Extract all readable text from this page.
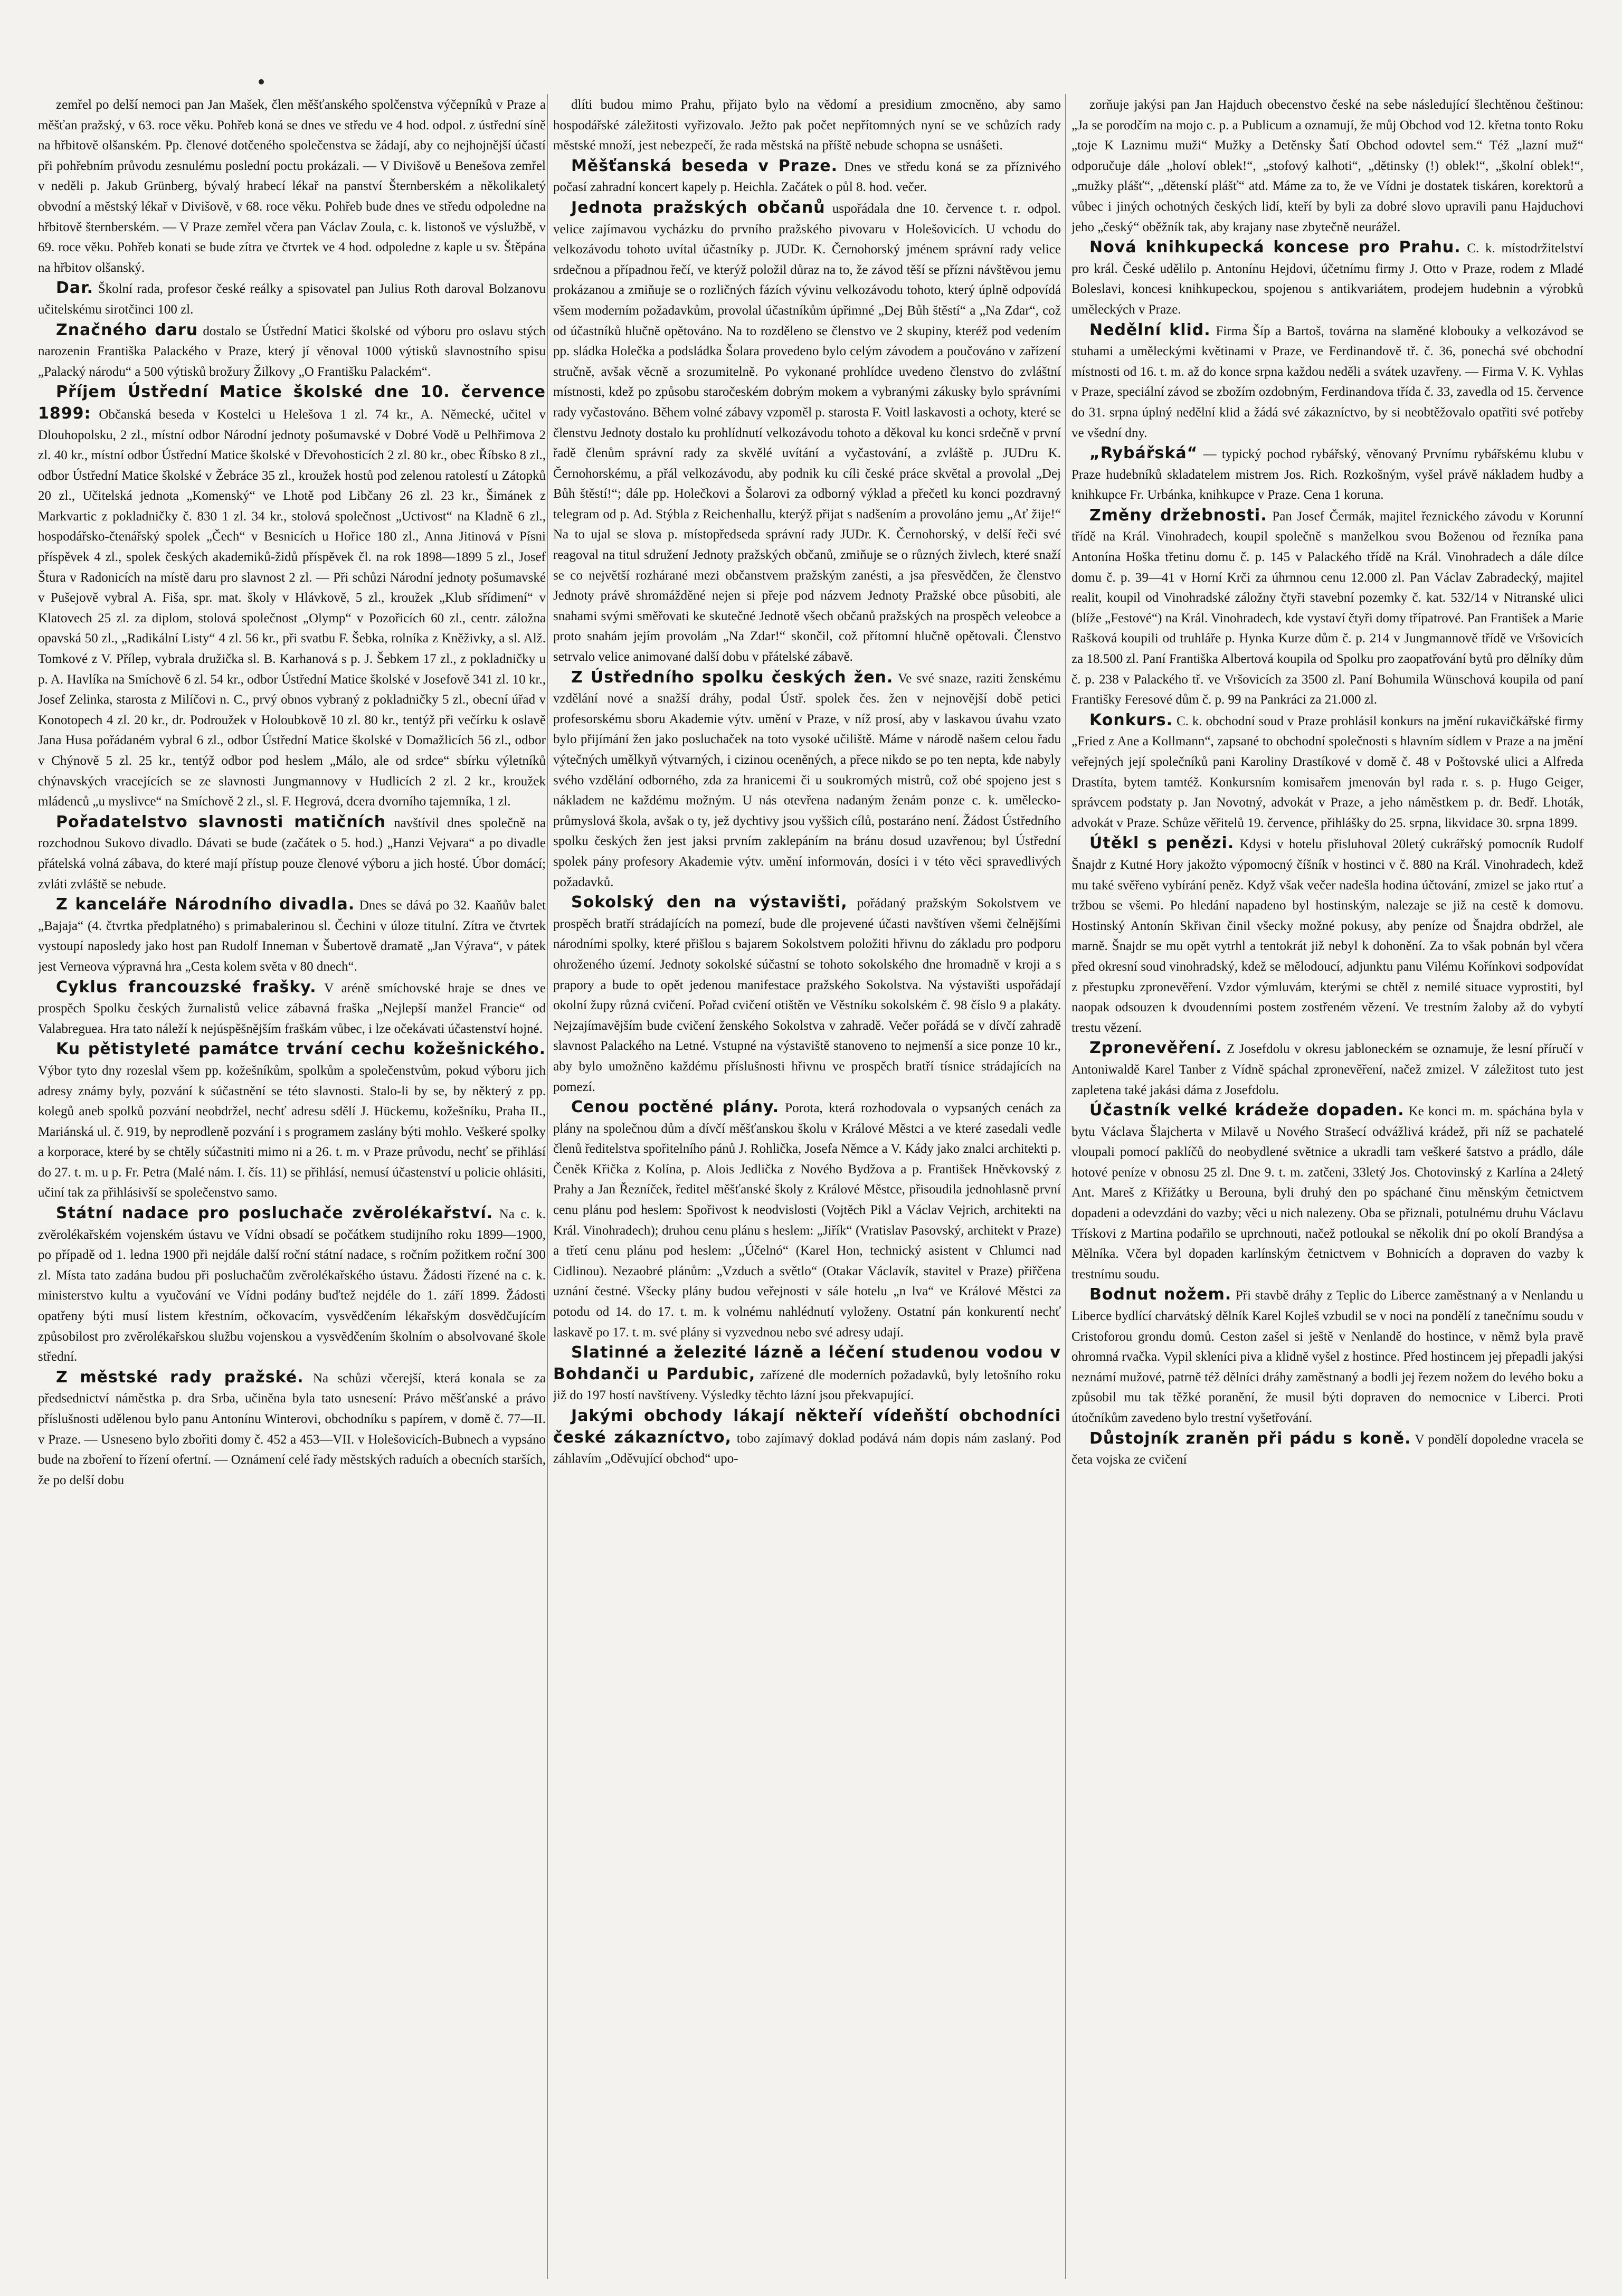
zemřel po delší nemoci pan Jan Mašek, člen měšťanského spolčenstva výčepníků v Praze a měšťan pražský, v 63. roce věku. Pohřeb koná se dnes ve středu ve 4 hod. odpol. z ústřední síně na hřbitově olšanském. Pp. členové dotčeného společenstva se žádají, aby co nejhojnější účastí při pohřebním průvodu zesnulému poslední poctu prokázali. — V Divišově u Benešova zemřel v neděli p. Jakub Grünberg, bývalý hrabecí lékař na panství Šternberském a několikaletý obvodní a městský lékař v Divišově, v 68. roce věku. Pohřeb bude dnes ve středu odpoledne na hřbitově šternberském. — V Praze zemřel včera pan Václav Zoula, c. k. listonoš ve výslužbě, v 69. roce věku. Pohřeb konati se bude zítra ve čtvrtek ve 4 hod. odpoledne z kaple u sv. Štěpána na hřbitov olšanský.

Dar. Školní rada, profesor české reálky a spisovatel pan Julius Roth daroval Bolzanovu učitelskému sirotčinci 100 zl.

Značného daru dostalo se Ústřední Matici školské od výboru pro oslavu stých narozenin Františka Palackého v Praze, který jí věnoval 1000 výtisků slavnostního spisu „Palacký národu“ a 500 výtisků brožury Žilkovy „O Františku Palackém“.

Příjem Ústřední Matice školské dne 10. července 1899: Občanská beseda v Kostelci u Helešova 1 zl. 74 kr., A. Německé, učitel v Dlouhopolsku, 2 zl., místní odbor Národní jednoty pošumavské v Dobré Vodě u Pelhřimova 2 zl. 40 kr., místní odbor Ústřední Matice školské v Dřevohosticích 2 zl. 80 kr., obec Říbsko 8 zl., odbor Ústřední Matice školské v Žebráce 35 zl., kroužek hostů pod zelenou ratolestí u Zátopků 20 zl., Učitelská jednota „Komenský“ ve Lhotě pod Libčany 26 zl. 23 kr., Šimánek z Markvartic z pokladničky č. 830 1 zl. 34 kr., stolová společnost „Uctivost“ na Kladně 6 zl., hospodářsko-čtenářský spolek „Čech“ v Besnicích u Hořice 180 zl., Anna Jitinová v Písni příspěvek 4 zl., spolek českých akademiků-židů příspěvek čl. na rok 1898—1899 5 zl., Josef Štura v Radonicích na místě daru pro slavnost 2 zl. — Při schůzi Národní jednoty pošumavské v Pušejově vybral A. Fiša, spr. mat. školy v Hlávkově, 5 zl., kroužek „Klub sřídimení“ v Klatovech 25 zl. za diplom, stolová společnost „Olymp“ v Pozořicích 60 zl., centr. záložna opavská 50 zl., „Radikální Listy“ 4 zl. 56 kr., při svatbu F. Šebka, rolníka z Kněživky, a sl. Alž. Tomkové z V. Přílep, vybrala družička sl. B. Karhanová s p. J. Šebkem 17 zl., z pokladničky u p. A. Havlíka na Smíchově 6 zl. 54 kr., odbor Ústřední Matice školské v Josefově 341 zl. 10 kr., Josef Zelinka, starosta z Milíčovi n. C., prvý obnos vybraný z pokladničky 5 zl., obecní úřad v Konotopech 4 zl. 20 kr., dr. Podroužek v Holoubkově 10 zl. 80 kr., tentýž při večírku k oslavě Jana Husa pořádaném vybral 6 zl., odbor Ústřední Matice školské v Domažlicích 56 zl., odbor v Chýnově 5 zl. 25 kr., tentýž odbor pod heslem „Málo, ale od srdce“ sbírku výletníků chýnavských vracejících se ze slavnosti Jungmannovy v Hudlicích 2 zl. 2 kr., kroužek mládenců „u myslivce“ na Smíchově 2 zl., sl. F. Hegrová, dcera dvorního tajemníka, 1 zl.

Pořadatelstvo slavnosti matičních navštívil dnes společně na rozchodnou Sukovo divadlo. Dávati se bude (začátek o 5. hod.) „Hanzi Vejvara“ a po divadle přátelská volná zábava, do které mají přístup pouze členové výboru a jich hosté. Úbor domácí; zvláti zvláště se nebude.

Z kanceláře Národního divadla. Dnes se dává po 32. Kaaňův balet „Bajaja“ (4. čtvrtka předplatného) s primabalerinou sl. Čechini v úloze titulní. Zítra ve čtvrtek vystoupí naposledy jako host pan Rudolf Inneman v Šubertově dramatě „Jan Výrava“, v pátek jest Verneova výpravná hra „Cesta kolem světa v 80 dnech“.

Cyklus francouzské frašky. V aréně smíchovské hraje se dnes ve prospěch Spolku českých žurnalistů velice zábavná fraška „Nejlepší manžel Francie“ od Valabreguea. Hra tato náleží k nejúspěšnějším fraškám vůbec, i lze očekávati účastenství hojné.

Ku pětistyleté památce trvání cechu kožešnického. Výbor tyto dny rozeslal všem pp. kožešníkům, spolkům a společenstvům, pokud výboru jich adresy známy byly, pozvání k súčastnění se této slavnosti. Stalo-li by se, by některý z pp. kolegů aneb spolků pozvání neobdržel, nechť adresu sdělí J. Hückemu, kožešníku, Praha II., Mariánská ul. č. 919, by neprodleně pozvání i s programem zaslány býti mohlo. Veškeré spolky a korporace, které by se chtěly súčastniti mimo ni a 26. t. m. v Praze průvodu, nechť se přihlásí do 27. t. m. u p. Fr. Petra (Malé nám. I. čís. 11) se přihlásí, nemusí účastenství u policie ohlásiti, učiní tak za přihlásivší se společenstvo samo.

Státní nadace pro posluchače zvěrolékařství. Na c. k. zvěrolékařském vojenském ústavu ve Vídni obsadí se počátkem studijního roku 1899—1900, po případě od 1. ledna 1900 při nejdále další roční státní nadace, s ročním požitkem roční 300 zl. Místa tato zadána budou při posluchačům zvěrolékařského ústavu. Žádosti řízené na c. k. ministerstvo kultu a vyučování ve Vídni podány buďtež nejdéle do 1. září 1899. Žádosti opatřeny býti musí listem křestním, očkovacím, vysvědčením lékařským dosvědčujícím způsobilost pro zvěrolékařskou službu vojenskou a vysvědčením školním o absolvované škole střední.

Z městské rady pražské. Na schůzi včerejší, která konala se za předsednictví náměstka p. dra Srba, učiněna byla tato usnesení: Právo měšťanské a právo příslušnosti udělenou bylo panu Antonínu Winterovi, obchodníku s papírem, v domě č. 77—II. v Praze. — Usneseno bylo zbořiti domy č. 452 a 453—VII. v Holešovicích-Bubnech a vypsáno bude na zboření to řízení ofertní. — Oznámení celé řady městských raduích a obecních starších, že po delší dobu

dlíti budou mimo Prahu, přijato bylo na vědomí a presidium zmocněno, aby samo hospodářské záležitosti vyřizovalo. Ježto pak počet nepřítomných nyní se ve schůzích rady městské množí, jest nebezpečí, že rada městská na příště nebude schopna se usnášeti.

Měšťanská beseda v Praze. Dnes ve středu koná se za příznivého počasí zahradní koncert kapely p. Heichla. Začátek o půl 8. hod. večer.

Jednota pražských občanů uspořádala dne 10. července t. r. odpol. velice zajímavou vycházku do prvního pražského pivovaru v Holešovicích. U vchodu do velkozávodu tohoto uvítal účastníky p. JUDr. K. Černohorský jménem správní rady velice srdečnou a případnou řečí, ve kterýž položil důraz na to, že závod těší se přízni návštěvou jemu prokázanou a zmiňuje se o rozličných fázích vývinu velkozávodu tohoto, který úplně odpovídá všem moderním požadavkům, provolal účastníkům úpřimné „Dej Bůh štěstí“ a „Na Zdar“, což od účastníků hlučně opětováno. Na to rozděleno se členstvo ve 2 skupiny, kteréž pod vedením pp. sládka Holečka a podsládka Šolara provedeno bylo celým závodem a poučováno v zařízení stručně, avšak věcně a srozumitelně. Po vykonané prohlídce uvedeno členstvo do zvláštní místnosti, kdež po způsobu staročeském dobrým mokem a vybranými zákusky bylo správními rady vyčastováno. Během volné zábavy vzpoměl p. starosta F. Voitl laskavosti a ochoty, které se členstvu Jednoty dostalo ku prohlídnutí velkozávodu tohoto a děkoval ku konci srdečně v první řadě členům správní rady za skvělé uvítání a vyčastování, a zvláště p. JUDru K. Černohorskému, a přál velkozávodu, aby podnik ku cíli české práce skvětal a provolal „Dej Bůh štěstí!“; dále pp. Holečkovi a Šolarovi za odborný výklad a přečetl ku konci pozdravný telegram od p. Ad. Stýbla z Reichenhallu, kterýž přijat s nadšením a provoláno jemu „Ať žije!“ Na to ujal se slova p. místopředseda správní rady JUDr. K. Černohorský, v delší řeči své reagoval na titul sdružení Jednoty pražských občanů, zmiňuje se o různých živlech, které snaží se co největší rozhárané mezi občanstvem pražským zanésti, a jsa přesvědčen, že členstvo Jednoty právě shromážděné nejen si přeje pod názvem Jednoty Pražské obce působiti, ale snahami svými směřovati ke skutečné Jednotě všech občanů pražských na prospěch veleobce a proto snahám jejím provolám „Na Zdar!“ skončil, což přítomní hlučně opětovali. Členstvo setrvalo velice animované další dobu v přátelské zábavě.

Z Ústředního spolku českých žen. Ve své snaze, raziti ženskému vzdělání nové a snažší dráhy, podal Ústř. spolek čes. žen v nejnovější době petici profesorskému sboru Akademie výtv. umění v Praze, v níž prosí, aby v laskavou úvahu vzato bylo přijímání žen jako posluchaček na toto vysoké učiliště. Máme v národě našem celou řadu výtečných umělkyň výtvarných, i cizinou oceněných, a přece nikdo se po ten nepta, kde nabyly svého vzdělání odborného, zda za hranicemi či u soukromých mistrů, což obé spojeno jest s nákladem ne každému možným. U nás otevřena nadaným ženám ponze c. k. umělecko-průmyslová škola, avšak o ty, jež dychtivy jsou vyššich cílů, postaráno není. Žádost Ústředního spolku českých žen jest jaksi prvním zaklepáním na bránu dosud uzavřenou; byl Ústřední spolek pány profesory Akademie výtv. umění informován, dosíci i v této věci spravedlivých požadavků.

Sokolský den na výstavišti, pořádaný pražským Sokolstvem ve prospěch bratří strádajících na pomezí, bude dle projevené účasti navštíven všemi čelnějšími národními spolky, které přišlou s bajarem Sokolstvem položiti hřivnu do základu pro podporu ohroženého území. Jednoty sokolské súčastní se tohoto sokolského dne hromadně v kroji a s prapory a bude to opět jedenou manifestace pražského Sokolstva. Na výstavišti uspořádají okolní župy různá cvičení. Pořad cvičení otištěn ve Věstníku sokolském č. 98 číslo 9 a plakáty. Nejzajímavějším bude cvičení ženského Sokolstva v zahradě. Večer pořádá se v dívčí zahradě slavnost Palackého na Letné. Vstupné na výstaviště stanoveno to nejmenší a sice ponze 10 kr., aby bylo umožněno každému příslušnosti hřivnu ve prospěch bratří tísnice strádajících na pomezí.

Cenou poctěné plány. Porota, která rozhodovala o vypsaných cenách za plány na společnou dům a dívčí měšťanskou školu v Králové Městci a ve které zasedali vedle členů ředitelstva spořitelního pánů J. Rohlička, Josefa Němce a V. Kády jako znalci architekti p. Čeněk Křička z Kolína, p. Alois Jedlička z Nového Bydžova a p. František Hněvkovský z Prahy a Jan Řezníček, ředitel měšťanské školy z Králové Městce, přisoudila jednohlasně první cenu plánu pod heslem: Spořivost k neodvislosti (Vojtěch Pikl a Václav Vejrich, architekti na Král. Vinohradech); druhou cenu plánu s heslem: „Jiřík“ (Vratislav Pasovský, architekt v Praze) a třetí cenu plánu pod heslem: „Účelnó“ (Karel Hon, technický asistent v Chlumci nad Cidlinou). Nezaobré plánům: „Vzduch a světlo“ (Otakar Václavík, stavitel v Praze) přiřčena uznání čestné. Všecky plány budou veřejnosti v sále hotelu „n lva“ ve Králové Městci za potodu od 14. do 17. t. m. k volnému nahlédnutí vyloženy. Ostatní pán konkurentí nechť laskavě po 17. t. m. své plány si vyzvednou nebo své adresy udají.

Slatinné a železité lázně a léčení studenou vodou v Bohdanči u Pardubic, zařízené dle moderních požadavků, byly letošního roku již do 197 hostí navštíveny. Výsledky těchto lázní jsou překvapující.

Jakými obchody lákají někteří vídeňští obchodníci české zákazníctvo, tobo zajímavý doklad podává nám dopis nám zaslaný. Pod záhlavím „Oděvující obchod“ upo-

zorňuje jakýsi pan Jan Hajduch obecenstvo české na sebe následující šlechtěnou češtinou: „Ja se porodčím na mojo c. p. a Publicum a oznamují, že můj Obchod vod 12. křetna tonto Roku „toje K Laznimu muži“ Mužky a Detěnsky Šatí Obchod odovtel sem.“ Též „lazní muž“ odporučuje dále „holoví oblek!“, „stofový kalhoti“, „dětinsky (!) oblek!“, „školní oblek!“, „mužky plášť“, „dětenskí plášť“ atd. Máme za to, že ve Vídni je dostatek tiskáren, korektorů a vůbec i jiných ochotných českých lidí, kteří by byli za dobré slovo upravili panu Hajduchovi jeho „český“ oběžník tak, aby krajany nase zbytečně neurážel.

Nová knihkupecká koncese pro Prahu. C. k. místodržitelství pro král. České udělilo p. Antonínu Hejdovi, účetnímu firmy J. Otto v Praze, rodem z Mladé Boleslavi, koncesi knihkupeckou, spojenou s antikvariátem, prodejem hudebnin a výrobků uměleckých v Praze.

Nedělní klid. Firma Šíp a Bartoš, továrna na slaměné klobouky a velkozávod se stuhami a uměleckými květinami v Praze, ve Ferdinandově tř. č. 36, ponechá své obchodní místnosti od 16. t. m. až do konce srpna každou neděli a svátek uzavřeny. — Firma V. K. Vyhlas v Praze, speciální závod se zbožím ozdobným, Ferdinandova třída č. 33, zavedla od 15. července do 31. srpna úplný nedělní klid a žádá své zákazníctvo, by si neobtěžovalo opatřiti své potřeby ve všední dny.

„Rybářská“ — typický pochod rybářský, věnovaný Prvnímu rybářskému klubu v Praze hudebníků skladatelem mistrem Jos. Rich. Rozkošným, vyšel právě nákladem hudby a knihkupce Fr. Urbánka, knihkupce v Praze. Cena 1 koruna.

Změny držebnosti. Pan Josef Čermák, majitel řeznického závodu v Korunní třídě na Král. Vinohradech, koupil společně s manželkou svou Boženou od řezníka pana Antonína Hoška třetinu domu č. p. 145 v Palackého třídě na Král. Vinohradech a dále dílce domu č. p. 39—41 v Horní Krči za úhrnnou cenu 12.000 zl. Pan Václav Zabradecký, majitel realit, koupil od Vinohradské záložny čtyři stavební pozemky č. kat. 532/14 v Nitranské ulici (blíže „Festové“) na Král. Vinohradech, kde vystaví čtyři domy třípatrové. Pan František a Marie Rašková koupili od truhláře p. Hynka Kurze dům č. p. 214 v Jungmannově třídě ve Vršovicích za 18.500 zl. Paní Františka Albertová koupila od Spolku pro zaopatřování bytů pro dělníky dům č. p. 238 v Palackého tř. ve Vršovicích za 3500 zl. Paní Bohumila Wünschová koupila od paní Františky Feresové dům č. p. 99 na Pankráci za 21.000 zl.

Konkurs. C. k. obchodní soud v Praze prohlásil konkurs na jmění rukavičkářské firmy „Fried z Ane a Kollmann“, zapsané to obchodní společnosti s hlavním sídlem v Praze a na jmění veřejných její společníků pani Karoliny Drastíkové v domě č. 48 v Poštovské ulici a Alfreda Drastíta, bytem tamtéž. Konkursním komisařem jmenován byl rada r. s. p. Hugo Geiger, správcem podstaty p. Jan Novotný, advokát v Praze, a jeho náměstkem p. dr. Bedř. Lhoták, advokát v Praze. Schůze věřitelů 19. července, přihlášky do 25. srpna, likvidace 30. srpna 1899.

Útěkl s penězi. Kdysi v hotelu přisluhoval 20letý cukrářský pomocník Rudolf Šnajdr z Kutné Hory jakožto výpomocný číšník v hostinci v č. 880 na Král. Vinohradech, kdež mu také svěřeno vybírání peněz. Když však večer nadešla hodina účtování, zmizel se jako rtuť a tržbou se všemi. Po hledání napadeno byl hostinským, nalezaje se již na cestě k domovu. Hostinský Antonín Skřivan činil všecky možné pokusy, aby peníze od Šnajdra obdržel, ale marně. Šnajdr se mu opět vytrhl a tentokrát již nebyl k dohonění. Za to však pobnán byl včera před okresní soud vinohradský, kdež se mělodoucí, adjunktu panu Vilému Kořínkovi sodpovídat z přestupku zpronevěření. Vzdor výmluvám, kterými se chtěl z nemilé situace vyprostiti, byl naopak odsouzen k dvoudenními postem zostřeném vězení. Ve trestním žaloby až do vybytí trestu vězení.

Zpronevěření. Z Josefdolu v okresu jabloneckém se oznamuje, že lesní příručí v Antoniwaldě Karel Tanber z Vídně spáchal zpronevěření, načež zmizel. V záležitost tuto jest zapletena také jakási dáma z Josefdolu.

Účastník velké krádeže dopaden. Ke konci m. m. spáchána byla v bytu Václava Šlajcherta v Milavě u Nového Strašecí odvážlivá krádež, při níž se pachatelé vloupali pomocí paklíčů do neobydlené světnice a ukradli tam veškeré šatstvo a prádlo, dále hotové peníze v obnosu 25 zl. Dne 9. t. m. zatčeni, 33letý Jos. Chotovinský z Karlína a 24letý Ant. Mareš z Křižátky u Berouna, byli druhý den po spáchané činu měnským četnictvem dopadeni a odevzdáni do vazby; věci u nich nalezeny. Oba se přiznali, potulnému druhu Václavu Třískovi z Martina podařilo se uprchnouti, načež potloukal se několik dní po okolí Brandýsa a Mělníka. Včera byl dopaden karlínským četnictvem v Bohnicích a dopraven do vazby k trestnímu soudu.

Bodnut nožem. Při stavbě dráhy z Teplic do Liberce zaměstnaný a v Nenlandu u Liberce bydlící charvátský dělník Karel Kojleš vzbudil se v noci na pondělí z tanečnímu soudu v Cristoforou grondu domů. Ceston zašel si ještě v Nenlandě do hostince, v němž byla pravě ohromná rvačka. Vypil skleníci piva a klidně vyšel z hostince. Před hostincem jej přepadli jakýsi neznámí mužové, patrně též dělníci dráhy zaměstnaný a bodli jej řezem nožem do levého boku a způsobil mu tak těžké poranění, že musil býti dopraven do nemocnice v Liberci. Proti útočníkům zavedeno bylo trestní vyšetřování.

Důstojník zraněn při pádu s koně. V pondělí dopoledne vracela se četa vojska ze cvičení
